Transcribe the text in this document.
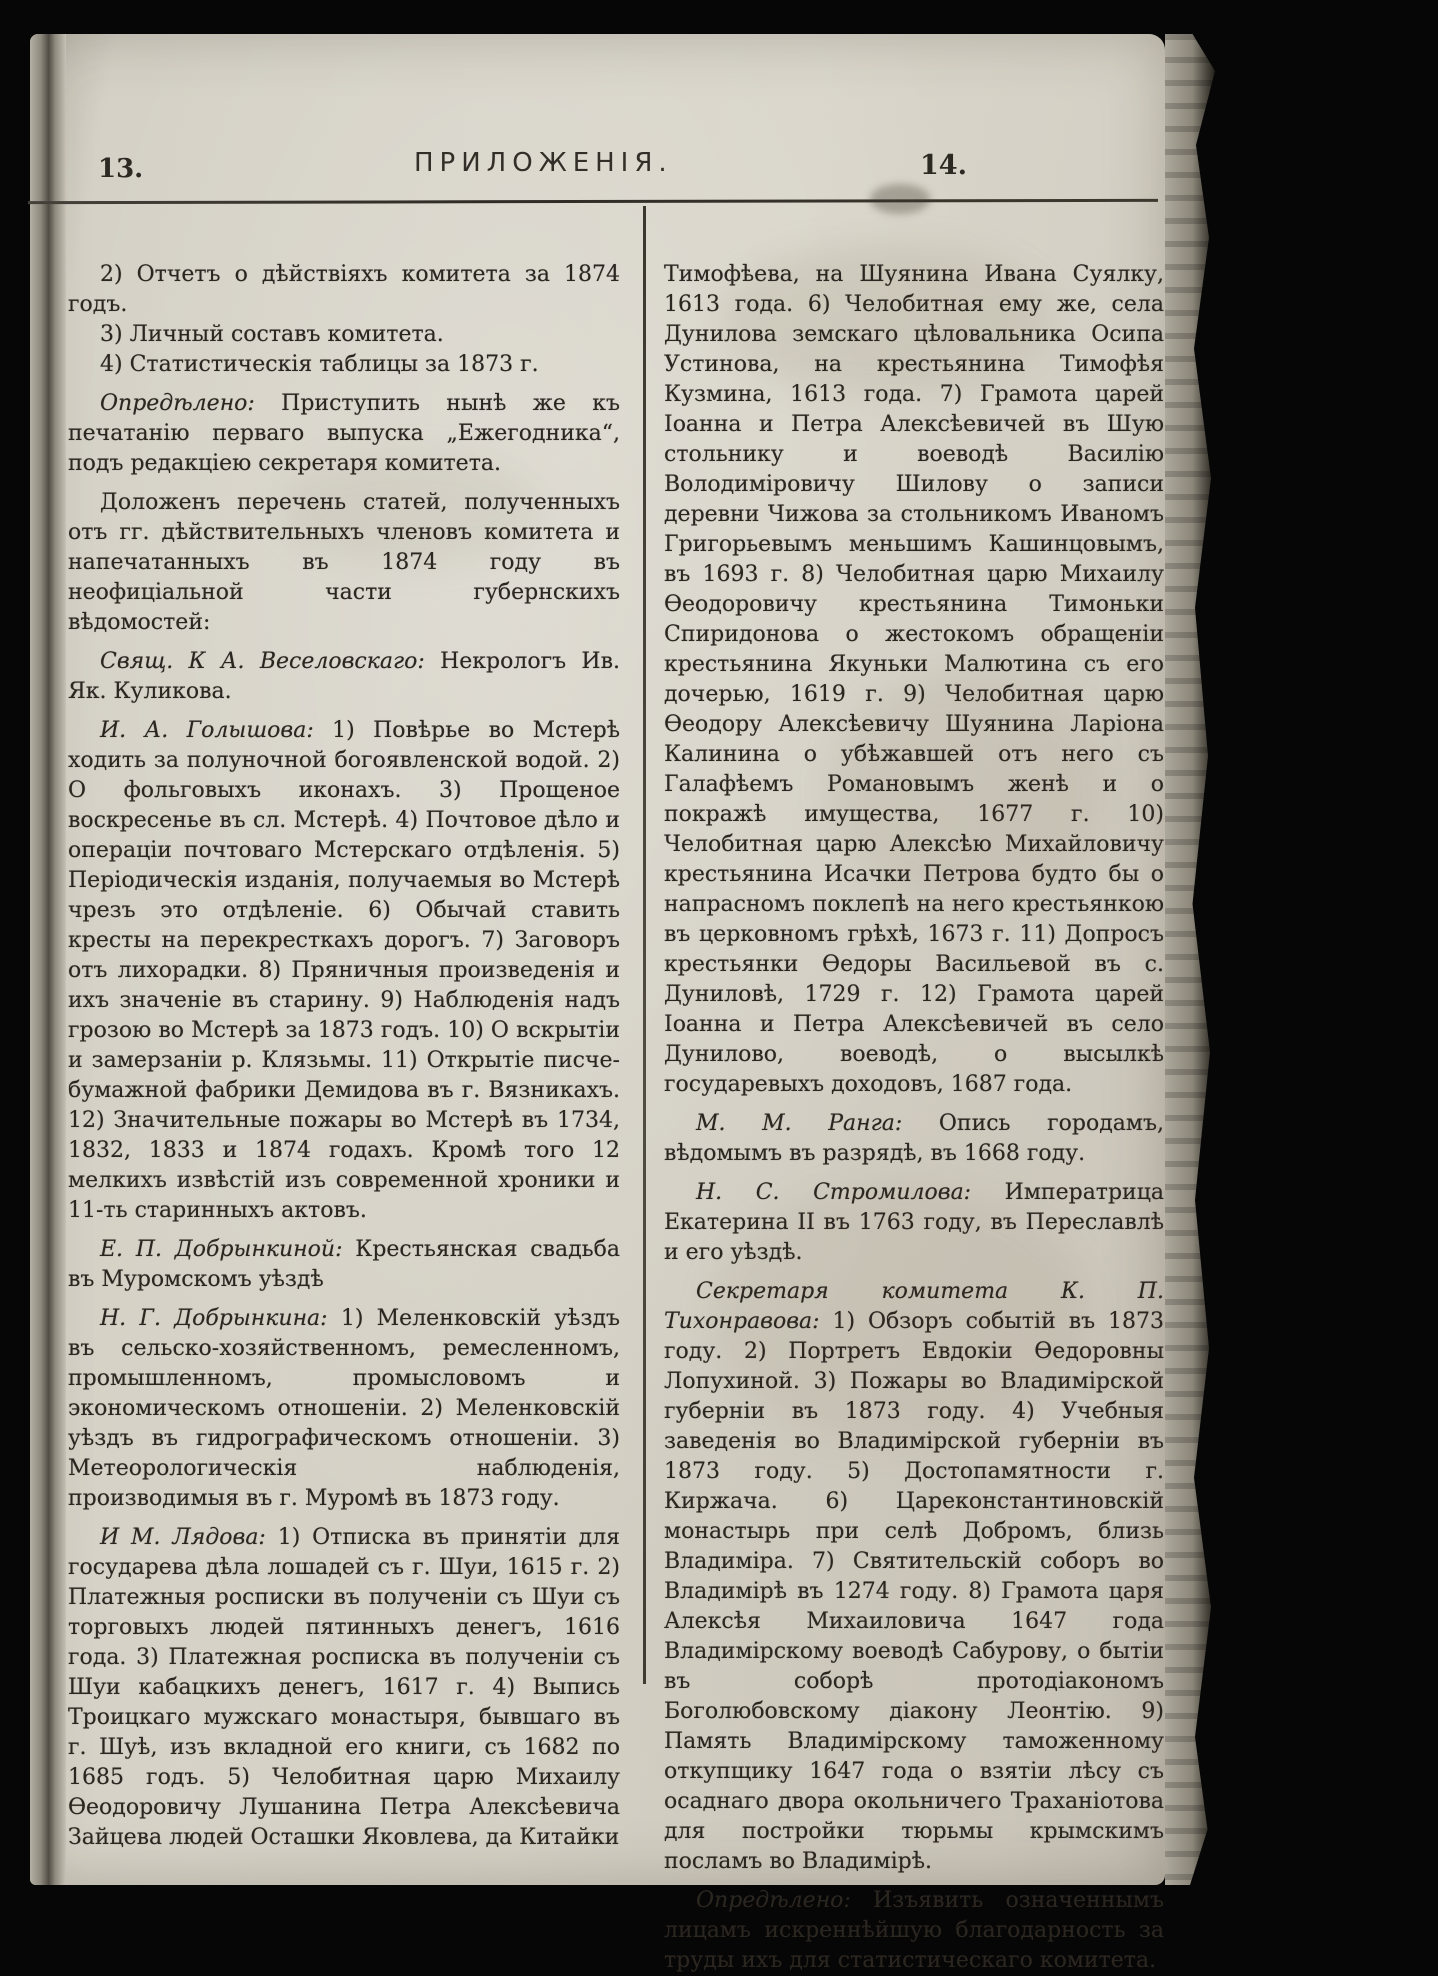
13.	ПРИЛОЖЕНІЯ.	14.

2) Отчетъ о дѣйствіяхъ комитета за 1874 годъ.

3) Личный составъ комитета.

4) Статистическія таблицы за 1873 г.

Опредѣлено: Приступить нынѣ же къ печатанію перваго выпуска „Ежегодника“, подъ редакціею секретаря комитета.

Доложенъ перечень статей, полученныхъ отъ гг. дѣйствительныхъ членовъ комитета и напечатанныхъ въ 1874 году въ неофиціальной части губернскихъ вѣдомостей:

Свящ. К А. Веселовскаго: Некрологъ Ив. Як. Куликова.

И. А. Голышова: 1) Повѣрье во Мстерѣ ходить за полуночной богоявленской водой. 2) О фольговыхъ иконахъ. 3) Прощеное воскресенье въ сл. Мстерѣ. 4) Почтовое дѣло и операціи почтоваго Мстерскаго отдѣленія. 5) Періодическія изданія, получаемыя во Мстерѣ чрезъ это отдѣленіе. 6) Обычай ставить кресты на перекресткахъ дорогъ. 7) Заговоръ отъ лихорадки. 8) Пряничныя произведенія и ихъ значеніе въ старину. 9) Наблюденія надъ грозою во Мстерѣ за 1873 годъ. 10) О вскрытіи и замерзаніи р. Клязьмы. 11) Открытіе писче-бумажной фабрики Демидова въ г. Вязникахъ. 12) Значительные пожары во Мстерѣ въ 1734, 1832, 1833 и 1874 годахъ. Кромѣ того 12 мелкихъ извѣстій изъ современной хроники и 11-ть старинныхъ актовъ.

Е. П. Добрынкиной: Крестьянская свадьба въ Муромскомъ уѣздѣ

Н. Г. Добрынкина: 1) Меленковскій уѣздъ въ сельско-хозяйственномъ, ремесленномъ, промышленномъ, промысловомъ и экономическомъ отношеніи. 2) Меленковскій уѣздъ въ гидрографическомъ отношеніи. 3) Метеорологическія наблюденія, производимыя въ г. Муромѣ въ 1873 году.

И М. Лядова: 1) Отписка въ принятіи для государева дѣла лошадей съ г. Шуи, 1615 г. 2) Платежныя росписки въ полученіи съ Шуи съ торговыхъ людей пятинныхъ денегъ, 1616 года. 3) Платежная росписка въ полученіи съ Шуи кабацкихъ денегъ, 1617 г. 4) Выпись Троицкаго мужскаго монастыря, бывшаго въ г. Шуѣ, изъ вкладной его книги, съ 1682 по 1685 годъ. 5) Челобитная царю Михаилу Ѳеодоровичу Лушанина Петра Алексѣевича Зайцева людей Осташки Яковлева, да Китайки

Тимофѣева, на Шуянина Ивана Суялку, 1613 года. 6) Челобитная ему же, села Дунилова земскаго цѣловальника Осипа Устинова, на крестьянина Тимофѣя Кузмина, 1613 года. 7) Грамота царей Іоанна и Петра Алексѣевичей въ Шую стольнику и воеводѣ Василію Володиміровичу Шилову о записи деревни Чижова за стольникомъ Иваномъ Григорьевымъ меньшимъ Кашинцовымъ, въ 1693 г. 8) Челобитная царю Михаилу Ѳеодоровичу крестьянина Тимоньки Спиридонова о жестокомъ обращеніи крестьянина Якуньки Малютина съ его дочерью, 1619 г. 9) Челобитная царю Ѳеодору Алексѣевичу Шуянина Ларіона Калинина о убѣжавшей отъ него съ Галафѣемъ Романовымъ женѣ и о покражѣ имущества, 1677 г. 10) Челобитная царю Алексѣю Михайловичу крестьянина Исачки Петрова будто бы о напрасномъ поклепѣ на него крестьянкою въ церковномъ грѣхѣ, 1673 г. 11) Допросъ крестьянки Ѳедоры Васильевой въ с. Дуниловѣ, 1729 г. 12) Грамота царей Іоанна и Петра Алексѣевичей въ село Дунилово, воеводѣ, о высылкѣ государевыхъ доходовъ, 1687 года.

М. М. Ранга: Опись городамъ, вѣдомымъ въ разрядѣ, въ 1668 году.

Н. С. Стромилова: Императрица Екатерина II въ 1763 году, въ Переславлѣ и его уѣздѣ.

Секретаря комитета К. П. Тихонравова: 1) Обзоръ событій въ 1873 году. 2) Портретъ Евдокіи Ѳедоровны Лопухиной. 3) Пожары во Владимірской губерніи въ 1873 году. 4) Учебныя заведенія во Владимірской губерніи въ 1873 году. 5) Достопамятности г. Киржача. 6) Цареконстантиновскій монастырь при селѣ Добромъ, близь Владиміра. 7) Святительскій соборъ во Владимірѣ въ 1274 году. 8) Грамота царя Алексѣя Михаиловича 1647 года Владимірскому воеводѣ Сабурову, о бытіи въ соборѣ протодіакономъ Боголюбовскому діакону Леонтію. 9) Память Владимірскому таможенному откупщику 1647 года о взятіи лѣсу съ осаднаго двора окольничего Траханіотова для постройки тюрьмы крымскимъ посламъ во Владимірѣ.

Опредѣлено: Изъявить означеннымъ лицамъ искреннѣйшую благодарность за труды ихъ для статистическаго комитета.
